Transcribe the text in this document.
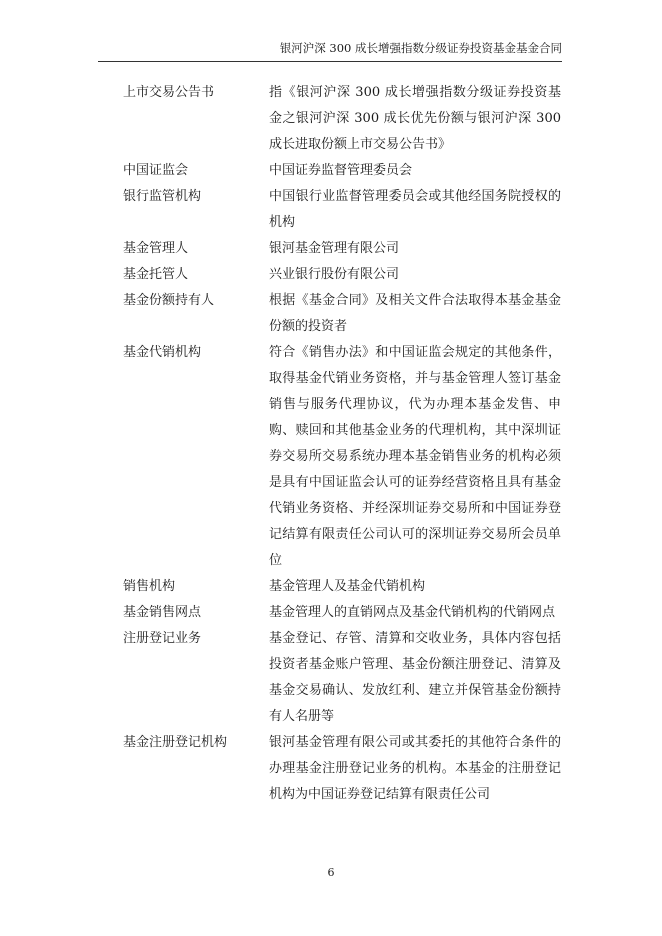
银河沪深 300 成长增强指数分级证券投资基金基金合同
上市交易公告书	指《银河沪深 300 成长增强指数分级证券投资基金之银河沪深 300 成长优先份额与银河沪深 300 成长进取份额上市交易公告书》
中国证监会	中国证券监督管理委员会
银行监管机构	中国银行业监督管理委员会或其他经国务院授权的机构
基金管理人	银河基金管理有限公司
基金托管人	兴业银行股份有限公司
基金份额持有人	根据《基金合同》及相关文件合法取得本基金基金份额的投资者
基金代销机构	符合《销售办法》和中国证监会规定的其他条件，取得基金代销业务资格，并与基金管理人签订基金销售与服务代理协议，代为办理本基金发售、申购、赎回和其他基金业务的代理机构，其中深圳证券交易所交易系统办理本基金销售业务的机构必须是具有中国证监会认可的证券经营资格且具有基金代销业务资格、并经深圳证券交易所和中国证券登记结算有限责任公司认可的深圳证券交易所会员单位
销售机构	基金管理人及基金代销机构
基金销售网点	基金管理人的直销网点及基金代销机构的代销网点
注册登记业务	基金登记、存管、清算和交收业务，具体内容包括投资者基金账户管理、基金份额注册登记、清算及基金交易确认、发放红利、建立并保管基金份额持有人名册等
基金注册登记机构	银河基金管理有限公司或其委托的其他符合条件的办理基金注册登记业务的机构。本基金的注册登记机构为中国证券登记结算有限责任公司
6
